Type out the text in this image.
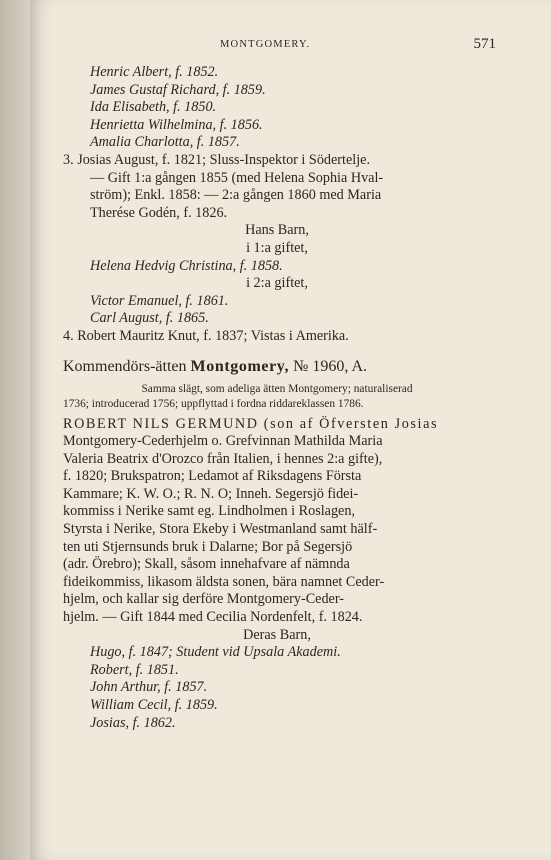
MONTGOMERY.	571
Henric Albert, f. 1852.
James Gustaf Richard, f. 1859.
Ida Elisabeth, f. 1850.
Henrietta Wilhelmina, f. 1856.
Amalia Charlotta, f. 1857.
3. Josias August, f. 1821; Sluss-Inspektor i Södertelje.
— Gift 1:a gången 1855 (med Helena Sophia Hval-
ström); Enkl. 1858: — 2:a gången 1860 med Maria
Therése Godén, f. 1826.
Hans Barn,
i 1:a giftet,
Helena Hedvig Christina, f. 1858.
i 2:a giftet,
Victor Emanuel, f. 1861.
Carl August, f. 1865.
4. Robert Mauritz Knut, f. 1837; Vistas i Amerika.
Kommendörs-ätten Montgomery, № 1960, A.
Samma slägt, som adeliga ätten Montgomery; naturaliserad
1736; introducerad 1756; uppflyttad i fordna riddareklassen 1786.
ROBERT NILS GERMUND (son af Öfversten Josias
Montgomery-Cederhjelm o. Grefvinnan Mathilda Maria
Valeria Beatrix d'Orozco från Italien, i hennes 2:a gifte),
f. 1820; Brukspatron; Ledamot af Riksdagens Första
Kammare; K. W. O.; R. N. O; Inneh. Segersjö fidei-
kommiss i Nerike samt eg. Lindholmen i Roslagen,
Styrsta i Nerike, Stora Ekeby i Westmanland samt hälf-
ten uti Stjernsunds bruk i Dalarne; Bor på Segersjö
(adr. Örebro); Skall, såsom innehafvare af nämnda
fideikommiss, likasom äldsta sonen, bära namnet Ceder-
hjelm, och kallar sig derföre Montgomery-Ceder-
hjelm. — Gift 1844 med Cecilia Nordenfelt, f. 1824.
Deras Barn,
Hugo, f. 1847; Student vid Upsala Akademi.
Robert, f. 1851.
John Arthur, f. 1857.
William Cecil, f. 1859.
Josias, f. 1862.
